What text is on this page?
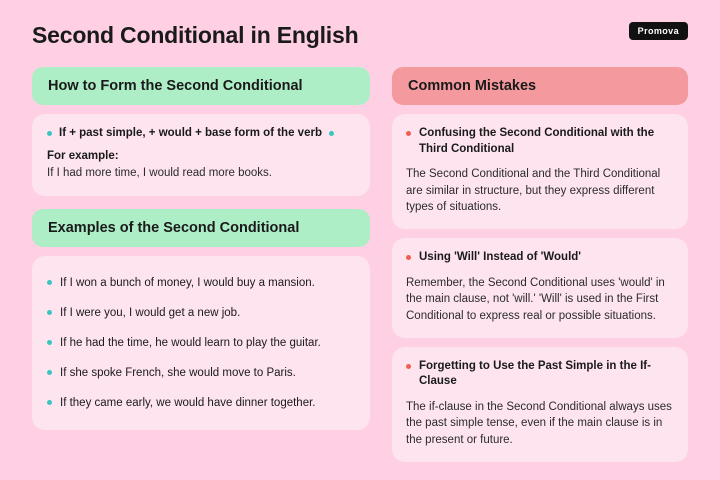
Second Conditional in English	Promova
How to Form the Second Conditional
If + past simple, + would + base form of the verb
For example:
If I had more time, I would read more books.
Examples of the Second Conditional
If I won a bunch of money, I would buy a mansion.
If I were you, I would get a new job.
If he had the time, he would learn to play the guitar.
If she spoke French, she would move to Paris.
If they came early, we would have dinner together.
Common Mistakes
Confusing the Second Conditional with the Third Conditional
The Second Conditional and the Third Conditional are similar in structure, but they express different types of situations.
Using 'Will' Instead of 'Would'
Remember, the Second Conditional uses 'would' in the main clause, not 'will.' 'Will' is used in the First Conditional to express real or possible situations.
Forgetting to Use the Past Simple in the If-Clause
The if-clause in the Second Conditional always uses the past simple tense, even if the main clause is in the present or future.
